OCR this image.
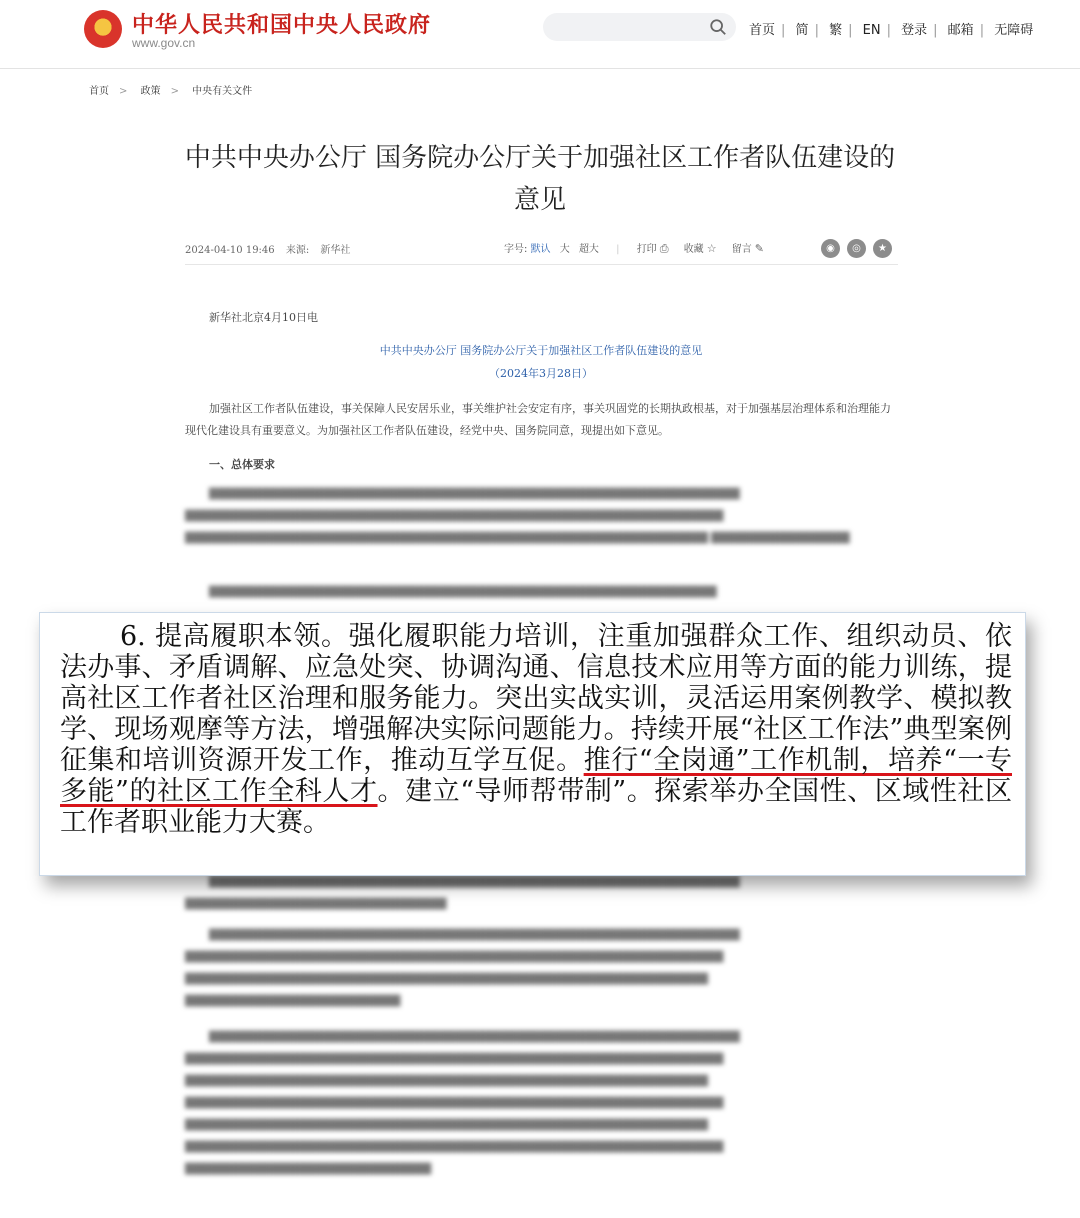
★	中华人民共和国中央人民政府
www.gov.cn
首页 | 简 | 繁 | EN | 登录 | 邮箱 | 无障碍
首页 > 政策 > 中央有关文件
中共中央办公厅 国务院办公厅关于加强社区工作者队伍建设的意见
2024-04-10 19:46 来源: 新华社	字号: 默认 大 超大 | 打印 ⎙ 收藏 ☆ 留言 ✎	◉ ◎ ★
新华社北京4月10日电
中共中央办公厅 国务院办公厅关于加强社区工作者队伍建设的意见
（2024年3月28日）
加强社区工作者队伍建设，事关保障人民安居乐业，事关维护社会安定有序，事关巩固党的长期执政根基，对于加强基层治理体系和治理能力现代化建设具有重要意义。为加强社区工作者队伍建设，经党中央、国务院同意，现提出如下意见。
一、总体要求
█████████████████████████████████████████████████████████████████████ ██████████████████████████████████████████████████████████████████████ ████████████████████████████████████████████████████████████████████ ██████████████████
██████████████████████████████████████████████████████████████████
█████████████████████████████████████████████████████████████████████ ██████████████████████████████████
█████████████████████████████████████████████████████████████████████ ██████████████████████████████████████████████████████████████████████ ████████████████████████████████████████████████████████████████████ ████████████████████████████
█████████████████████████████████████████████████████████████████████ ██████████████████████████████████████████████████████████████████████ ████████████████████████████████████████████████████████████████████ ██████████████████████████████████████████████████████████████████████ ████████████████████████████████████████████████████████████████████ ██████████████████████████████████████████████████████████████████████ ████████████████████████████████
6. 提高履职本领。强化履职能力培训，注重加强群众工作、组织动员、依法办事、矛盾调解、应急处突、协调沟通、信息技术应用等方面的能力训练，提高社区工作者社区治理和服务能力。突出实战实训，灵活运用案例教学、模拟教学、现场观摩等方法，增强解决实际问题能力。持续开展“社区工作法”典型案例征集和培训资源开发工作，推动互学互促。推行“全岗通”工作机制，培养“一专多能”的社区工作全科人才。建立“导师帮带制”。探索举办全国性、区域性社区工作者职业能力大赛。
